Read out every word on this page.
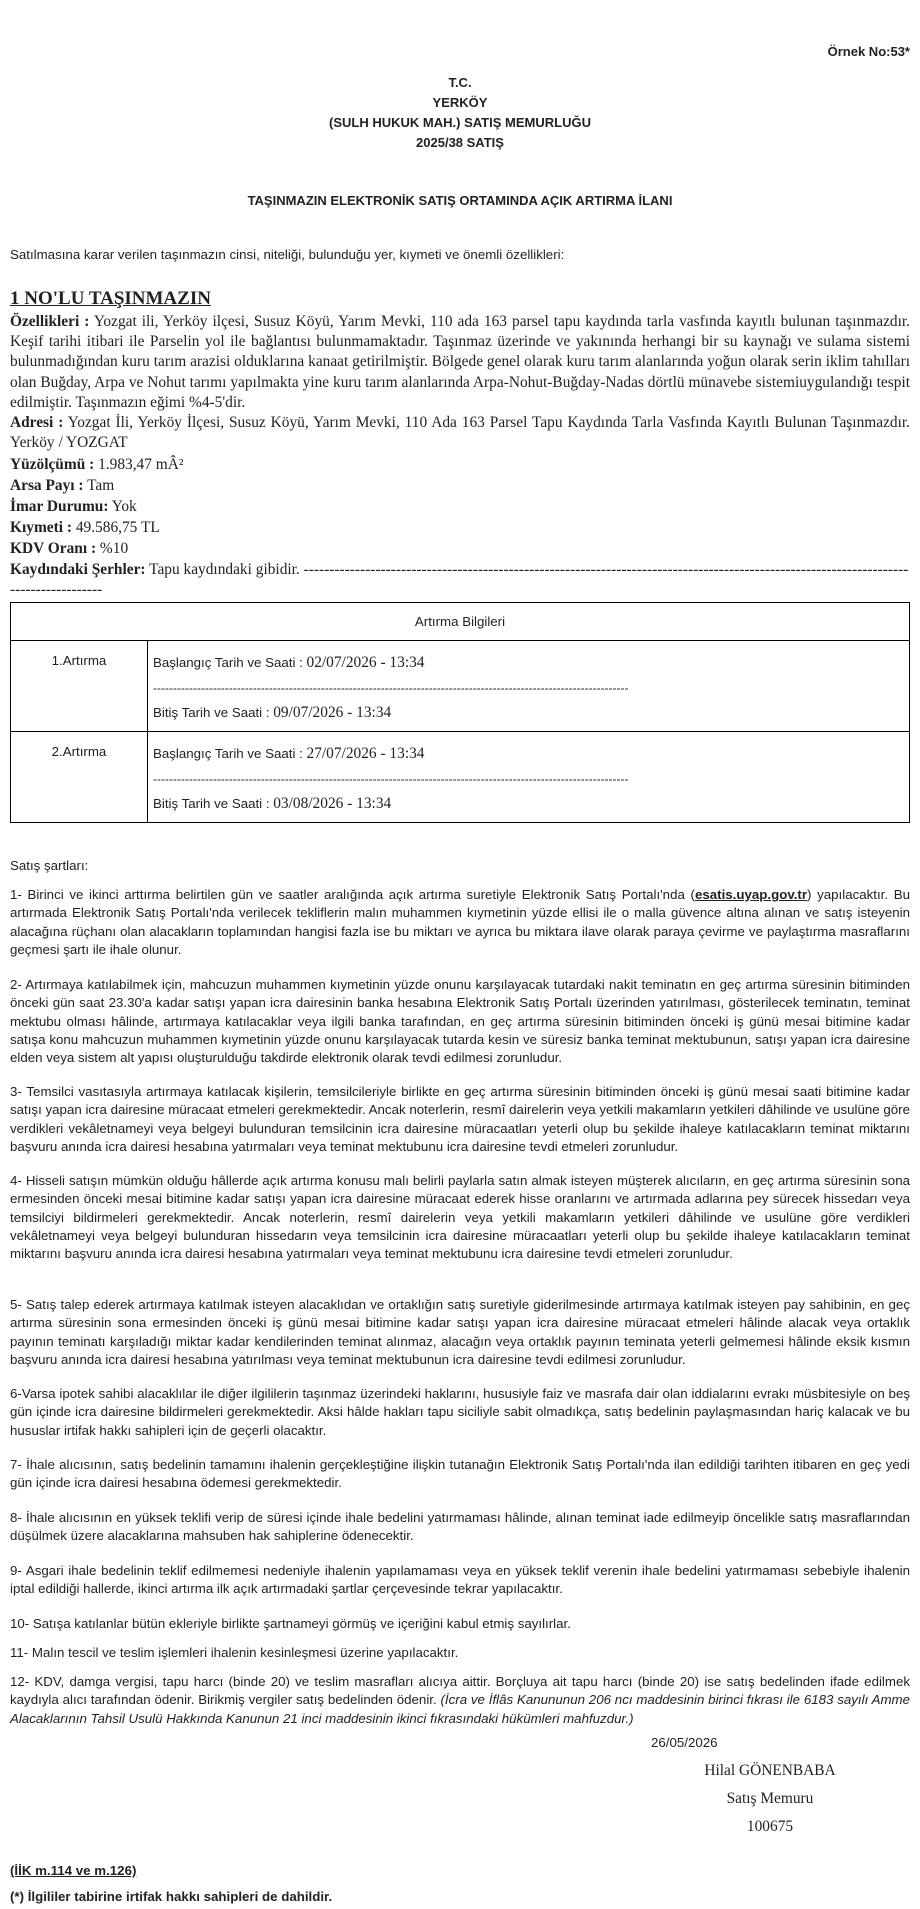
Örnek No:53*
T.C.
YERKÖY
(SULH HUKUK MAH.) SATIŞ MEMURLUĞU
2025/38 SATIŞ
TAŞINMAZIN ELEKTRONİK SATIŞ ORTAMINDA AÇIK ARTIRMA İLANI

Satılmasına karar verilen taşınmazın cinsi, niteliği, bulunduğu yer, kıymeti ve önemli özellikleri:

1 NO'LU TAŞINMAZIN

Özellikleri : Yozgat ili, Yerköy ilçesi, Susuz Köyü, Yarım Mevki, 110 ada 163 parsel tapu kaydında tarla vasfında kayıtlı bulunan taşınmazdır. Keşif tarihi itibari ile Parselin yol ile bağlantısı bulunmamaktadır. Taşınmaz üzerinde ve yakınında herhangi bir su kaynağı ve sulama sistemi bulunmadığından kuru tarım arazisi olduklarına kanaat getirilmiştir. Bölgede genel olarak kuru tarım alanlarında yoğun olarak serin iklim tahılları olan Buğday, Arpa ve Nohut tarımı yapılmakta yine kuru tarım alanlarında Arpa-Nohut-Buğday-Nadas dörtlü münavebe sistemiuygulandığı tespit edilmiştir. Taşınmazın eğimi %4-5'dir.

Adresi : Yozgat İli, Yerköy İlçesi, Susuz Köyü, Yarım Mevki, 110 Ada 163 Parsel Tapu Kaydında Tarla Vasfında Kayıtlı Bulunan Taşınmazdır. Yerköy / YOZGAT

Yüzölçümü : 1.983,47 mÂ²

Arsa Payı : Tam

İmar Durumu: Yok

Kıymeti : 49.586,75 TL

KDV Oranı : %10

Kaydındaki Şerhler: Tapu kaydındaki gibidir. ----------------------------------------------------------------------------------------------------------------------------------------

Artırma Bilgileri	
1.Artırma	Başlangıç Tarih ve Saati : 02/07/2026 - 13:34
-----------------------------------------------------------------------------------------------------------------------
Bitiş Tarih ve Saati : 09/07/2026 - 13:34

2.Artırma	Başlangıç Tarih ve Saati : 27/07/2026 - 13:34
-----------------------------------------------------------------------------------------------------------------------
Bitiş Tarih ve Saati : 03/08/2026 - 13:34

Satış şartları:

1- Birinci ve ikinci arttırma belirtilen gün ve saatler aralığında açık artırma suretiyle Elektronik Satış Portalı'nda (esatis.uyap.gov.tr) yapılacaktır. Bu artırmada Elektronik Satış Portalı'nda verilecek tekliflerin malın muhammen kıymetinin yüzde ellisi ile o malla güvence altına alınan ve satış isteyenin alacağına rüçhanı olan alacakların toplamından hangisi fazla ise bu miktarı ve ayrıca bu miktara ilave olarak paraya çevirme ve paylaştırma masraflarını geçmesi şartı ile ihale olunur.

2- Artırmaya katılabilmek için, mahcuzun muhammen kıymetinin yüzde onunu karşılayacak tutardaki nakit teminatın en geç artırma süresinin bitiminden önceki gün saat 23.30'a kadar satışı yapan icra dairesinin banka hesabına Elektronik Satış Portalı üzerinden yatırılması, gösterilecek teminatın, teminat mektubu olması hâlinde, artırmaya katılacaklar veya ilgili banka tarafından, en geç artırma süresinin bitiminden önceki iş günü mesai bitimine kadar satışa konu mahcuzun muhammen kıymetinin yüzde onunu karşılayacak tutarda kesin ve süresiz banka teminat mektubunun, satışı yapan icra dairesine elden veya sistem alt yapısı oluşturulduğu takdirde elektronik olarak tevdi edilmesi zorunludur.

3- Temsilci vasıtasıyla artırmaya katılacak kişilerin, temsilcileriyle birlikte en geç artırma süresinin bitiminden önceki iş günü mesai saati bitimine kadar satışı yapan icra dairesine müracaat etmeleri gerekmektedir. Ancak noterlerin, resmî dairelerin veya yetkili makamların yetkileri dâhilinde ve usulüne göre verdikleri vekâletnameyi veya belgeyi bulunduran temsilcinin icra dairesine müracaatları yeterli olup bu şekilde ihaleye katılacakların teminat miktarını başvuru anında icra dairesi hesabına yatırmaları veya teminat mektubunu icra dairesine tevdi etmeleri zorunludur.

4- Hisseli satışın mümkün olduğu hâllerde açık artırma konusu malı belirli paylarla satın almak isteyen müşterek alıcıların, en geç artırma süresinin sona ermesinden önceki mesai bitimine kadar satışı yapan icra dairesine müracaat ederek hisse oranlarını ve artırmada adlarına pey sürecek hissedarı veya temsilciyi bildirmeleri gerekmektedir. Ancak noterlerin, resmî dairelerin veya yetkili makamların yetkileri dâhilinde ve usulüne göre verdikleri vekâletnameyi veya belgeyi bulunduran hissedarın veya temsilcinin icra dairesine müracaatları yeterli olup bu şekilde ihaleye katılacakların teminat miktarını başvuru anında icra dairesi hesabına yatırmaları veya teminat mektubunu icra dairesine tevdi etmeleri zorunludur.

5- Satış talep ederek artırmaya katılmak isteyen alacaklıdan ve ortaklığın satış suretiyle giderilmesinde artırmaya katılmak isteyen pay sahibinin, en geç artırma süresinin sona ermesinden önceki iş günü mesai bitimine kadar satışı yapan icra dairesine müracaat etmeleri hâlinde alacak veya ortaklık payının teminatı karşıladığı miktar kadar kendilerinden teminat alınmaz, alacağın veya ortaklık payının teminata yeterli gelmemesi hâlinde eksik kısmın başvuru anında icra dairesi hesabına yatırılması veya teminat mektubunun icra dairesine tevdi edilmesi zorunludur.

6-Varsa ipotek sahibi alacaklılar ile diğer ilgililerin taşınmaz üzerindeki haklarını, hususiyle faiz ve masrafa dair olan iddialarını evrakı müsbitesiyle on beş gün içinde icra dairesine bildirmeleri gerekmektedir. Aksi hâlde hakları tapu siciliyle sabit olmadıkça, satış bedelinin paylaşmasından hariç kalacak ve bu hususlar irtifak hakkı sahipleri için de geçerli olacaktır.

7- İhale alıcısının, satış bedelinin tamamını ihalenin gerçekleştiğine ilişkin tutanağın Elektronik Satış Portalı'nda ilan edildiği tarihten itibaren en geç yedi gün içinde icra dairesi hesabına ödemesi gerekmektedir.

8- İhale alıcısının en yüksek teklifi verip de süresi içinde ihale bedelini yatırmaması hâlinde, alınan teminat iade edilmeyip öncelikle satış masraflarından düşülmek üzere alacaklarına mahsuben hak sahiplerine ödenecektir.

9- Asgari ihale bedelinin teklif edilmemesi nedeniyle ihalenin yapılamaması veya en yüksek teklif verenin ihale bedelini yatırmaması sebebiyle ihalenin iptal edildiği hallerde, ikinci artırma ilk açık artırmadaki şartlar çerçevesinde tekrar yapılacaktır.

10- Satışa katılanlar bütün ekleriyle birlikte şartnameyi görmüş ve içeriğini kabul etmiş sayılırlar.

11- Malın tescil ve teslim işlemleri ihalenin kesinleşmesi üzerine yapılacaktır.

12- KDV, damga vergisi, tapu harcı (binde 20) ve teslim masrafları alıcıya aittir. Borçluya ait tapu harcı (binde 20) ise satış bedelinden ifade edilmek kaydıyla alıcı tarafından ödenir. Birikmiş vergiler satış bedelinden ödenir. (İcra ve İflâs Kanununun 206 ncı maddesinin birinci fıkrası ile 6183 sayılı Amme Alacaklarının Tahsil Usulü Hakkında Kanunun 21 inci maddesinin ikinci fıkrasındaki hükümleri mahfuzdur.)

26/05/2026
Hilal GÖNENBABA
Satış Memuru
100675
(İİK m.114 ve m.126)
(*) İlgililer tabirine irtifak hakkı sahipleri de dahildir.
